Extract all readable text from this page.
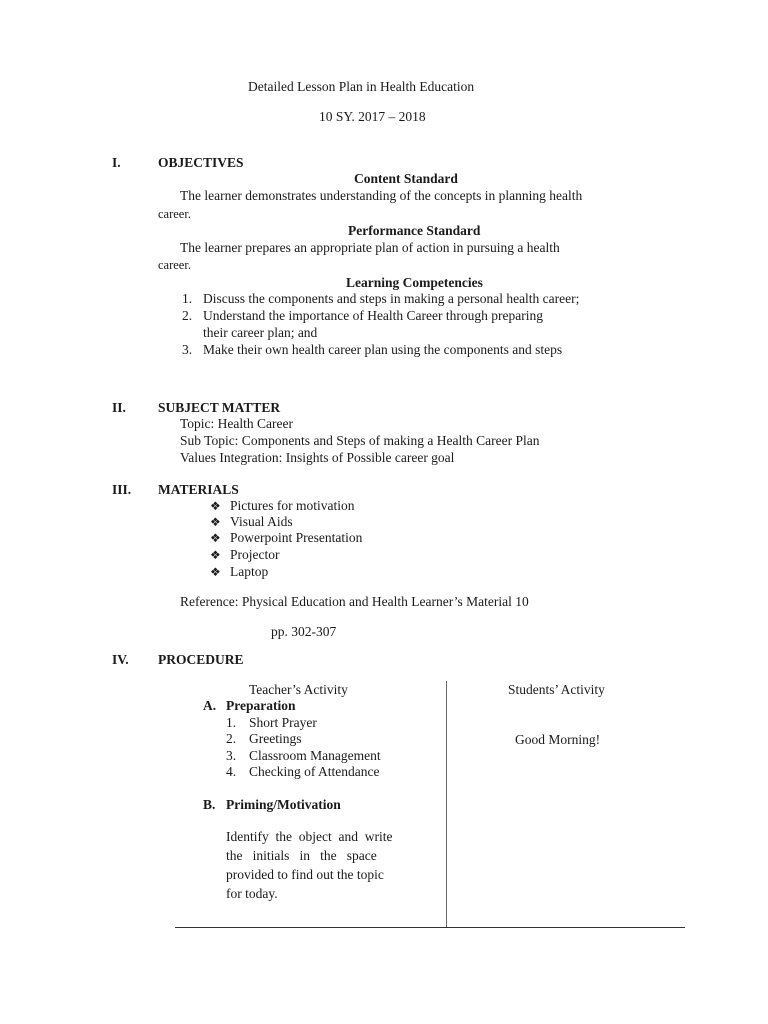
Detailed Lesson Plan in Health Education
10 SY. 2017 – 2018
I.	OBJECTIVES
Content Standard
The learner demonstrates understanding of the concepts in planning health
career.
Performance Standard
The learner prepares an appropriate plan of action in pursuing a health
career.
Learning Competencies
1. Discuss the components and steps in making a personal health career;
2. Understand the importance of Health Career through preparing
their career plan; and
3. Make their own health career plan using the components and steps
II. SUBJECT MATTER
Topic: Health Career
Sub Topic: Components and Steps of making a Health Career Plan
Values Integration: Insights of Possible career goal
III. MATERIALS
❖ Pictures for motivation
❖ Visual Aids
❖ Powerpoint Presentation
❖ Projector
❖ Laptop
Reference: Physical Education and Health Learner’s Material 10
pp. 302-307
IV. PROCEDURE
Teacher’s Activity	Students’ Activity
A. Preparation
1. Short Prayer
2. Greetings
3. Classroom Management
4. Checking of Attendance
Good Morning!
B. Priming/Motivation
Identify  the  object  and  write
the   initials   in   the   space
provided to find out the topic
for today.
